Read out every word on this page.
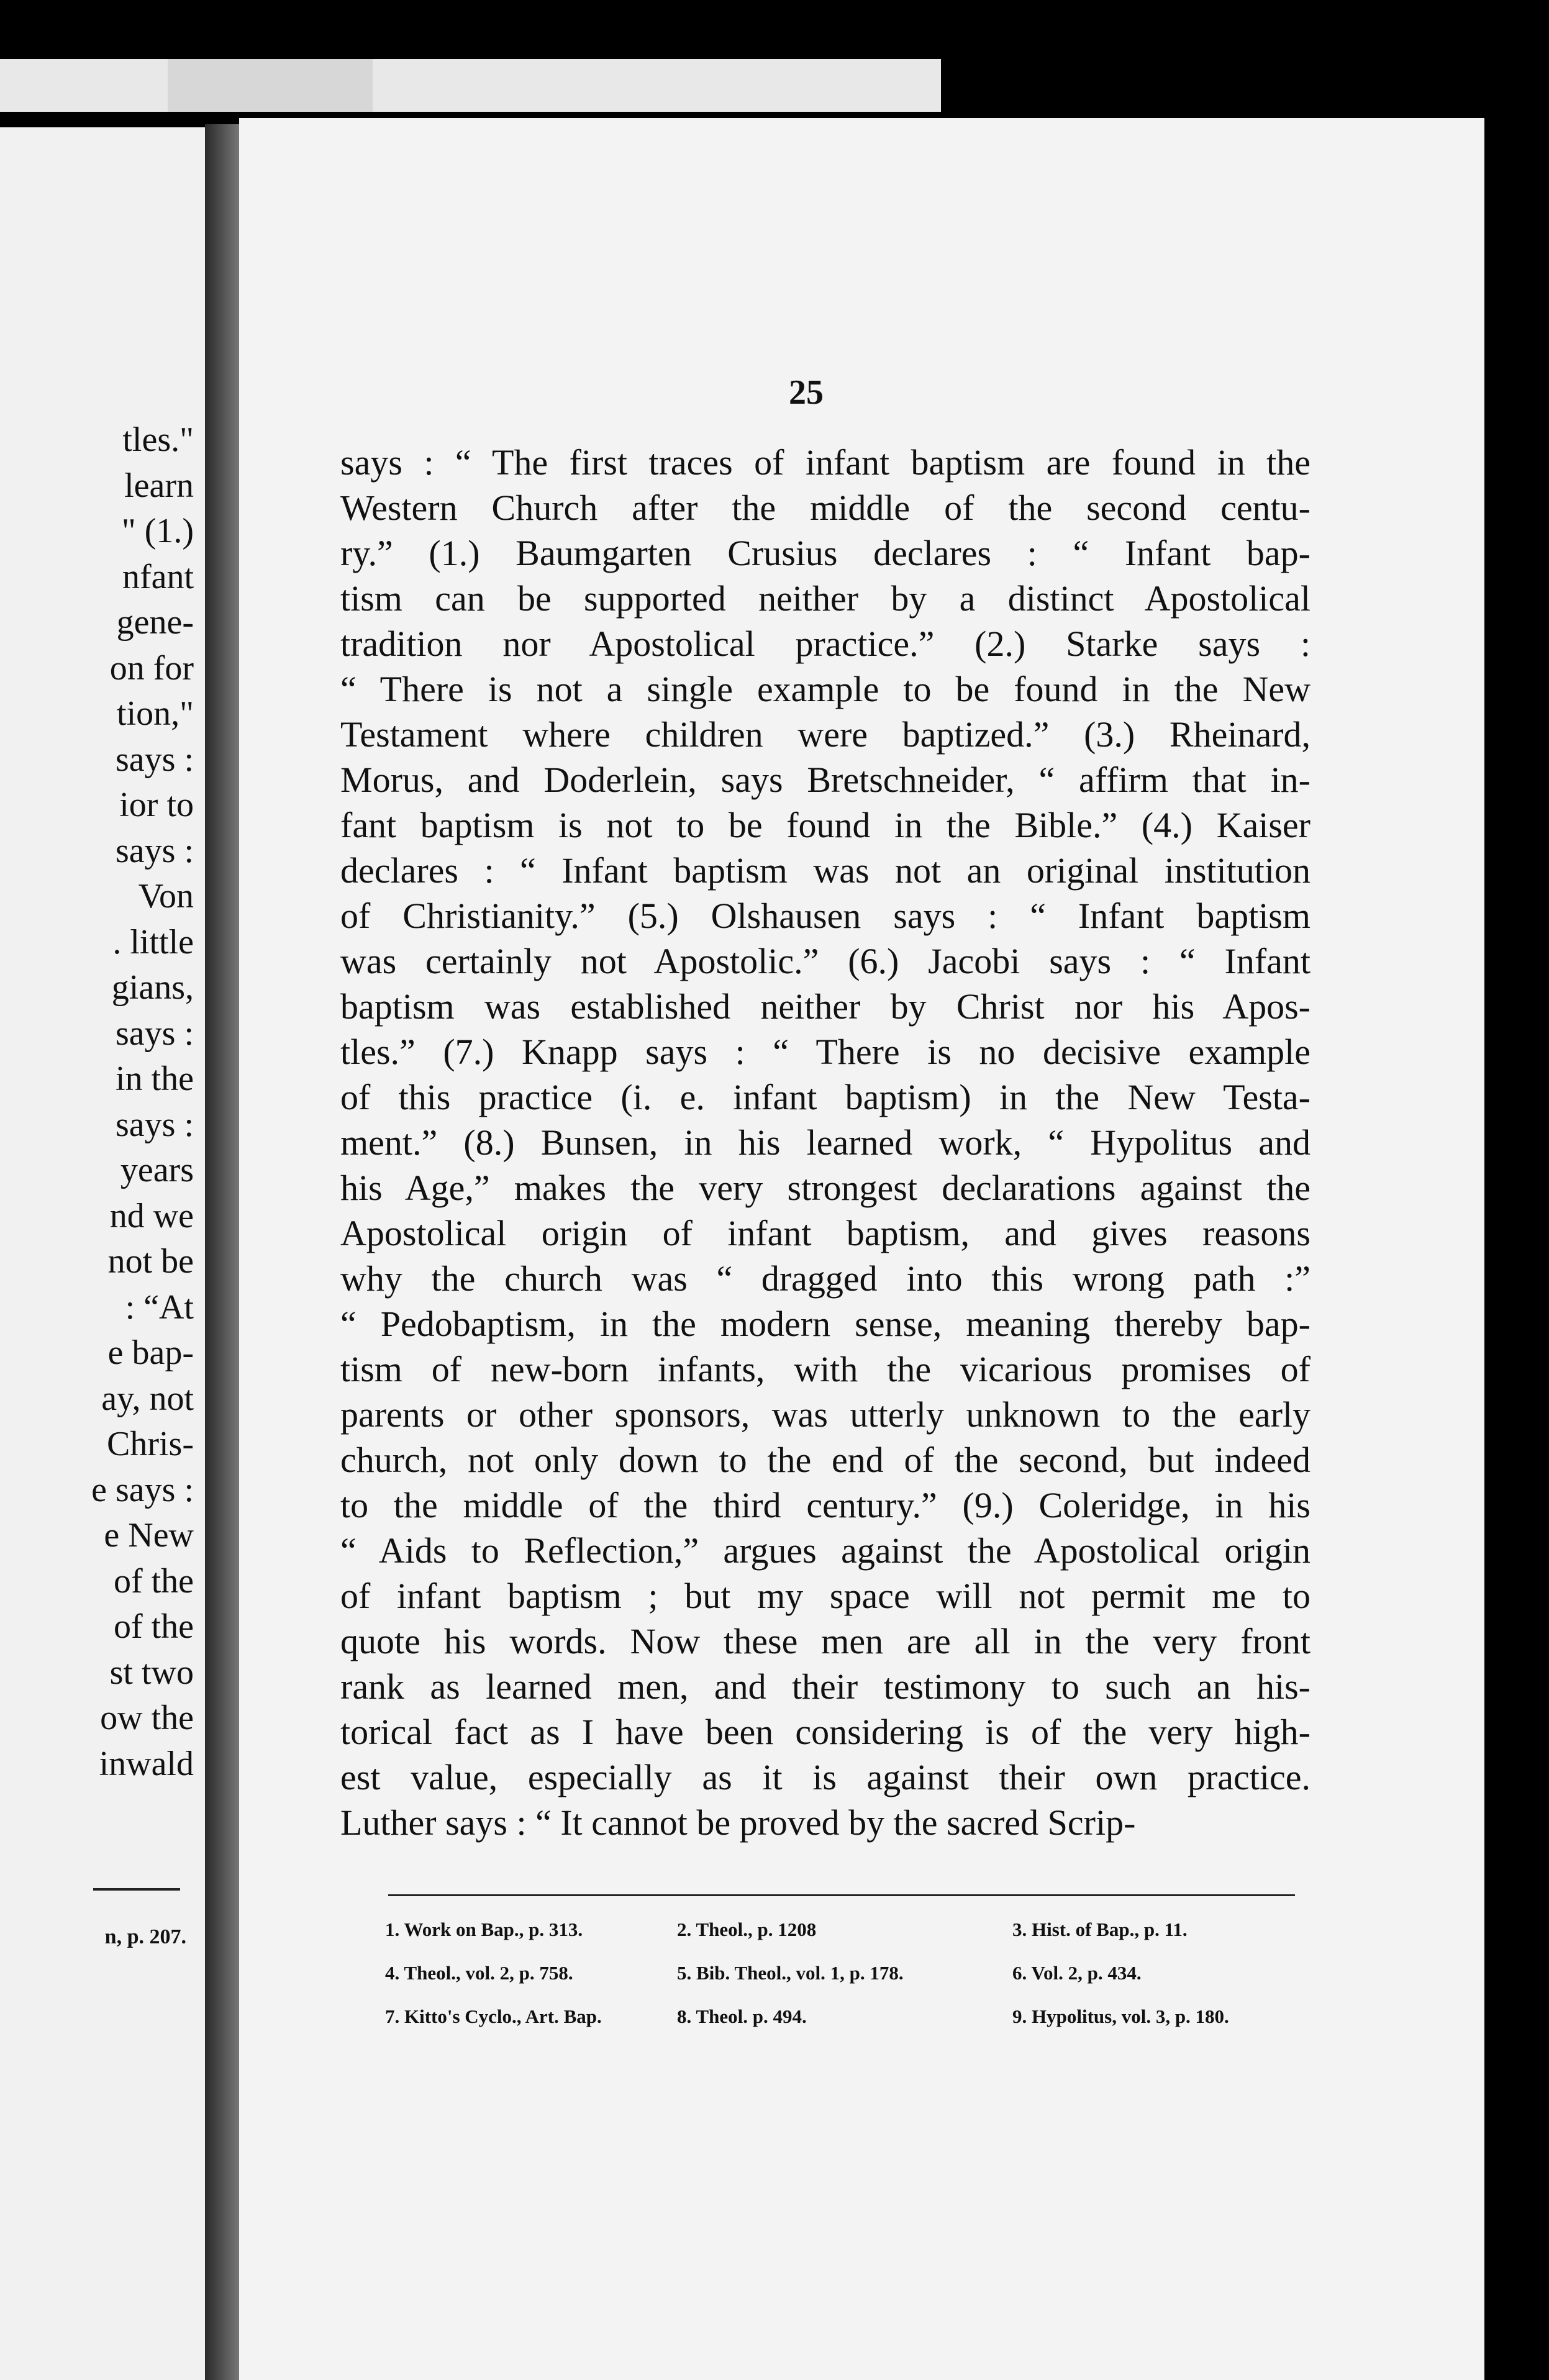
tles."
learn
" (1.)
nfant
gene-
on for
tion,"
says :
ior to
says :
Von
. little
gians,
says :
in the
says :
years
nd we
not be
: “At
e bap-
ay, not
Chris-
e says :
e New
of the
of the
st two
ow the
inwald
n, p. 207.
25
says : “ The first traces of infant baptism are found in the
Western Church after the middle of the second centu-
ry.” (1.) Baumgarten Crusius declares : “ Infant bap-
tism can be supported neither by a distinct Apostolical
tradition nor Apostolical practice.” (2.) Starke says :
“ There is not a single example to be found in the New
Testament where children were baptized.” (3.) Rheinard,
Morus, and Doderlein, says Bretschneider, “ affirm that in-
fant baptism is not to be found in the Bible.” (4.) Kaiser
declares : “ Infant baptism was not an original institution
of Christianity.” (5.) Olshausen says : “ Infant baptism
was certainly not Apostolic.” (6.) Jacobi says : “ Infant
baptism was established neither by Christ nor his Apos-
tles.” (7.) Knapp says : “ There is no decisive example
of this practice (i. e. infant baptism) in the New Testa-
ment.” (8.) Bunsen, in his learned work, “ Hypolitus and
his Age,” makes the very strongest declarations against the
Apostolical origin of infant baptism, and gives reasons
why the church was “ dragged into this wrong path :”
“ Pedobaptism, in the modern sense, meaning thereby bap-
tism of new-born infants, with the vicarious promises of
parents or other sponsors, was utterly unknown to the early
church, not only down to the end of the second, but indeed
to the middle of the third century.” (9.) Coleridge, in his
“ Aids to Reflection,” argues against the Apostolical origin
of infant baptism ; but my space will not permit me to
quote his words. Now these men are all in the very front
rank as learned men, and their testimony to such an his-
torical fact as I have been considering is of the very high-
est value, especially as it is against their own practice.
Luther says : “ It cannot be proved by the sacred Scrip-
1. Work on Bap., p. 313.	2. Theol., p. 1208	3. Hist. of Bap., p. 11.
4. Theol., vol. 2, p. 758.	5. Bib. Theol., vol. 1, p. 178.	6. Vol. 2, p. 434.
7. Kitto's Cyclo., Art. Bap.	8. Theol. p. 494.	9. Hypolitus, vol. 3, p. 180.
